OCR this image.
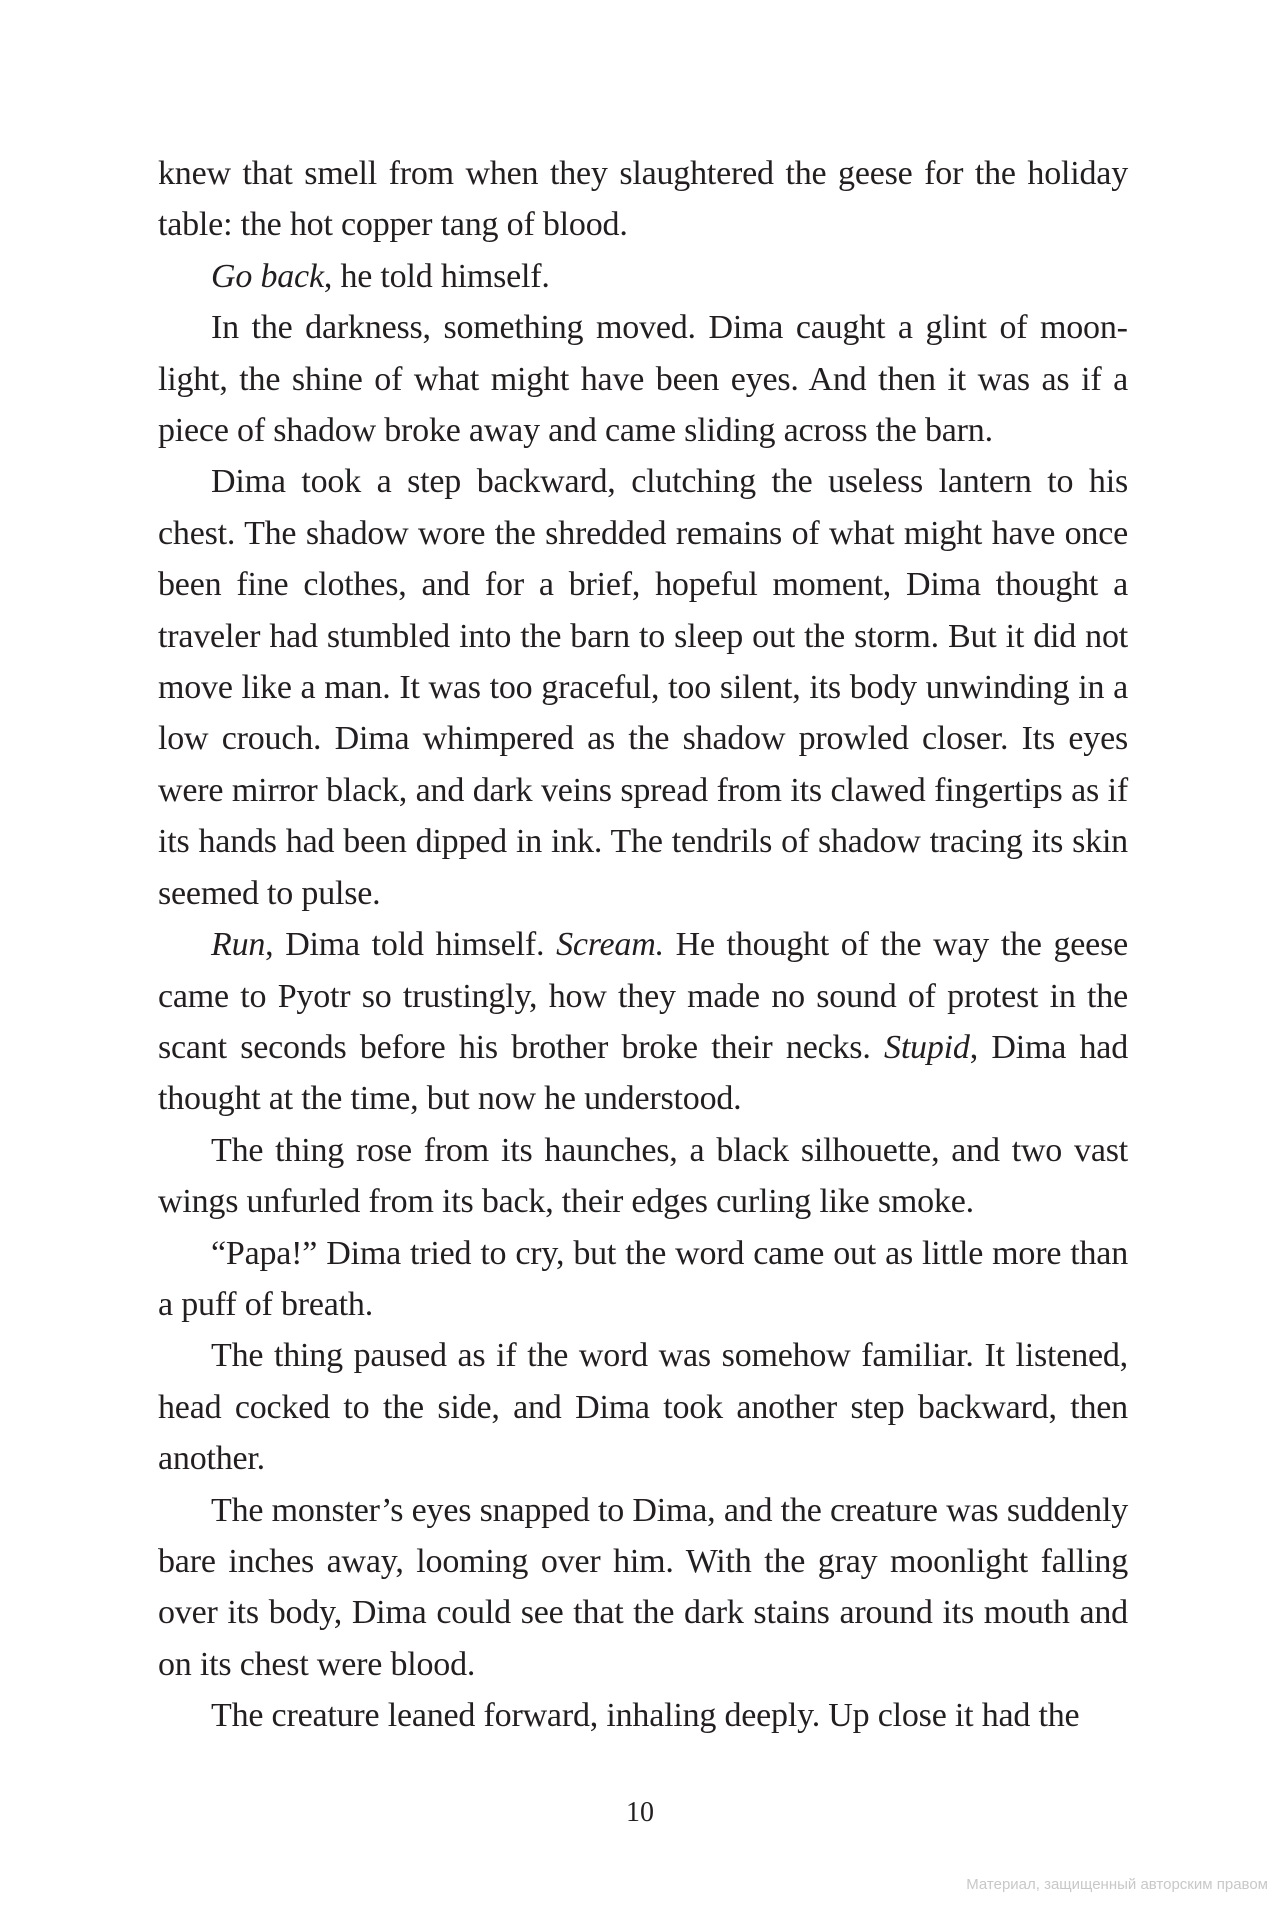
knew that smell from when they slaughtered the geese for the holiday table: the hot copper tang of blood.

Go back, he told himself.

In the darkness, something moved. Dima caught a glint of moonlight, the shine of what might have been eyes. And then it was as if a piece of shadow broke away and came sliding across the barn.

Dima took a step backward, clutching the useless lantern to his chest. The shadow wore the shredded remains of what might have once been fine clothes, and for a brief, hopeful moment, Dima thought a traveler had stumbled into the barn to sleep out the storm. But it did not move like a man. It was too graceful, too silent, its body unwinding in a low crouch. Dima whimpered as the shadow prowled closer. Its eyes were mirror black, and dark veins spread from its clawed fingertips as if its hands had been dipped in ink. The tendrils of shadow tracing its skin seemed to pulse.

Run, Dima told himself. Scream. He thought of the way the geese came to Pyotr so trustingly, how they made no sound of protest in the scant seconds before his brother broke their necks. Stupid, Dima had thought at the time, but now he understood.

The thing rose from its haunches, a black silhouette, and two vast wings unfurled from its back, their edges curling like smoke.

“Papa!” Dima tried to cry, but the word came out as little more than a puff of breath.

The thing paused as if the word was somehow familiar. It listened, head cocked to the side, and Dima took another step backward, then another.

The monster’s eyes snapped to Dima, and the creature was suddenly bare inches away, looming over him. With the gray moonlight falling over its body, Dima could see that the dark stains around its mouth and on its chest were blood.

The creature leaned forward, inhaling deeply. Up close it had the

10
Материал, защищенный авторским правом
